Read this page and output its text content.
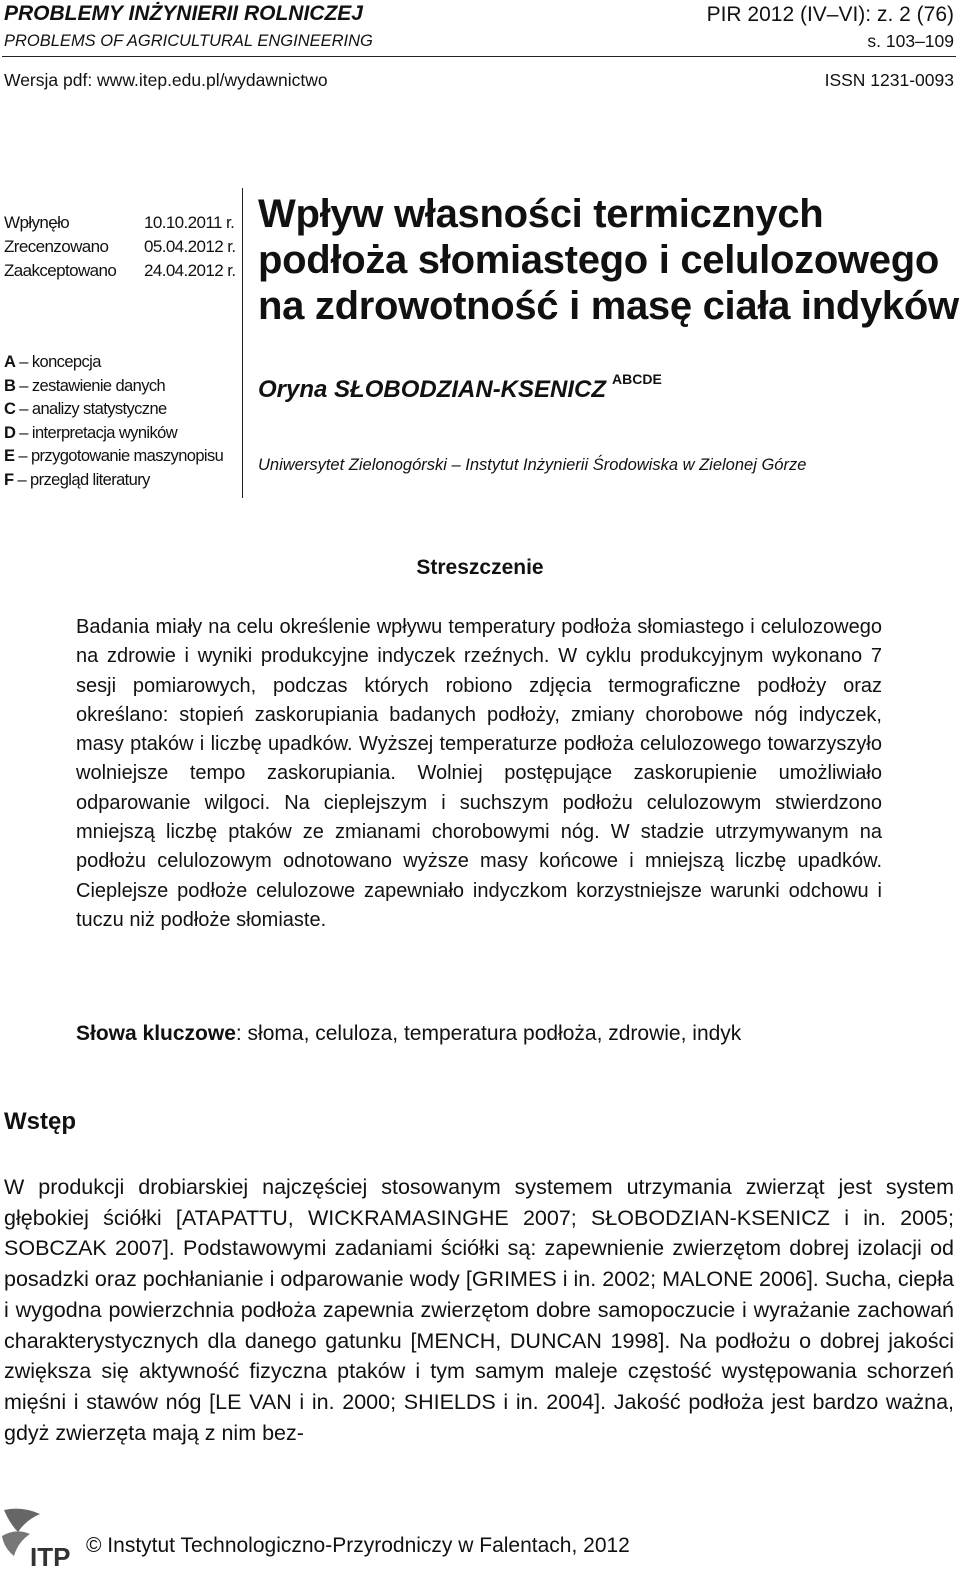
PROBLEMY INŻYNIERII ROLNICZEJ	PIR 2012 (IV–VI): z. 2 (76)
PROBLEMS OF AGRICULTURAL ENGINEERING	s. 103–109
Wersja pdf: www.itep.edu.pl/wydawnictwo	ISSN 1231-0093
Wpłynęło	10.10.2011 r.
Zrecenzowano	05.04.2012 r.
Zaakceptowano	24.04.2012 r.
A – koncepcja
B – zestawienie danych
C – analizy statystyczne
D – interpretacja wyników
E – przygotowanie maszynopisu
F – przegląd literatury
Wpływ własności termicznych
podłoża słomiastego i celulozowego
na zdrowotność i masę ciała indyków
Oryna SŁOBODZIAN-KSENICZ $^{ABCDE}$
Uniwersytet Zielonogórski – Instytut Inżynierii Środowiska w Zielonej Górze
Streszczenie
Badania miały na celu określenie wpływu temperatury podłoża słomiastego i celulozowego na zdrowie i wyniki produkcyjne indyczek rzeźnych. W cyklu produkcyjnym wykonano 7 sesji pomiarowych, podczas których robiono zdjęcia termograficzne podłoży oraz określano: stopień zaskorupiania badanych podłoży, zmiany chorobowe nóg indyczek, masy ptaków i liczbę upadków. Wyższej temperaturze podłoża celulozowego towarzyszyło wolniejsze tempo zaskorupiania. Wolniej postępujące zaskorupienie umożliwiało odparowanie wilgoci. Na cieplejszym i suchszym podłożu celulozowym stwierdzono mniejszą liczbę ptaków ze zmianami chorobowymi nóg. W stadzie utrzymywanym na podłożu celulozowym odnotowano wyższe masy końcowe i mniejszą liczbę upadków. Cieplejsze podłoże celulozowe zapewniało indyczkom korzystniejsze warunki odchowu i tuczu niż podłoże słomiaste.
Słowa kluczowe: słoma, celuloza, temperatura podłoża, zdrowie, indyk
Wstęp
W produkcji drobiarskiej najczęściej stosowanym systemem utrzymania zwierząt jest system głębokiej ściółki [ATAPATTU, WICKRAMASINGHE 2007; SŁOBODZIAN-KSENICZ i in. 2005; SOBCZAK 2007]. Podstawowymi zadaniami ściółki są: zapewnienie zwierzętom dobrej izolacji od posadzki oraz pochłanianie i odparowanie wody [GRIMES i in. 2002; MALONE 2006]. Sucha, ciepła i wygodna powierzchnia podłoża zapewnia zwierzętom dobre samopoczucie i wyrażanie zachowań charakterystycznych dla danego gatunku [MENCH, DUNCAN 1998]. Na podłożu o dobrej jakości zwiększa się aktywność fizyczna ptaków i tym samym maleje częstość występowania schorzeń mięśni i stawów nóg [LE VAN i in. 2000; SHIELDS i in. 2004]. Jakość podłoża jest bardzo ważna, gdyż zwierzęta mają z nim bez-
ITP © Instytut Technologiczno-Przyrodniczy w Falentach, 2012
